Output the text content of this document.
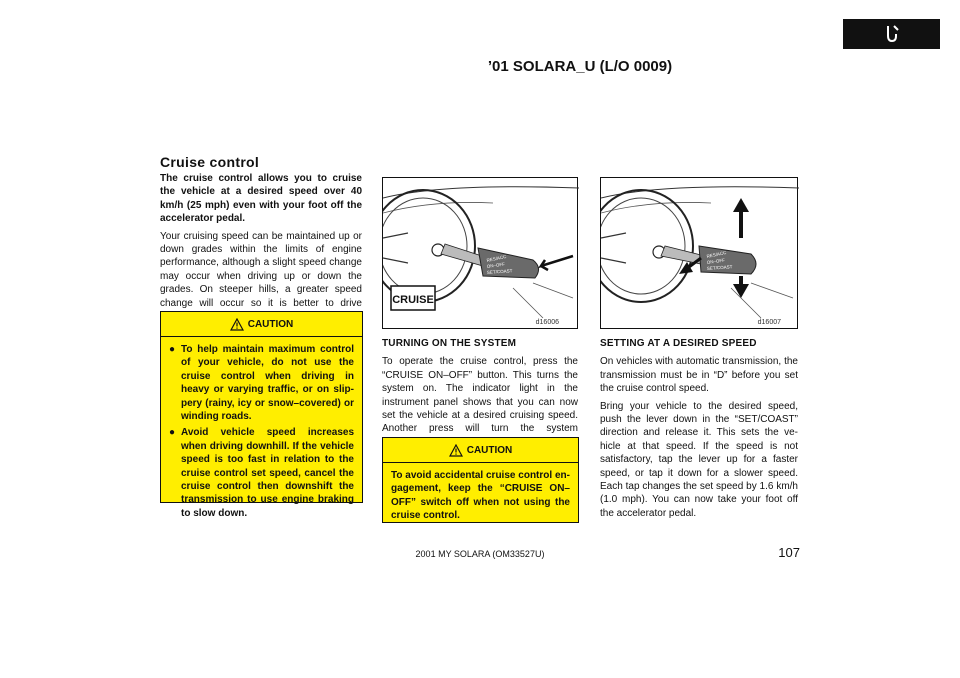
’01 SOLARA_U (L/O 0009)
Cruise control

The cruise control allows you to cruise the vehicle at a desired speed over 40 km/h (25 mph) even with your foot off the accelerator pedal.

Your cruising speed can be maintained up or down grades within the limits of engine performance, although a slight speed change may occur when driving up or down the grades. On steeper hills, a greater speed change will occur so it is better to drive

CAUTION
● To help maintain maximum control of your vehicle, do not use the cruise control when driving in heavy or varying traffic, or on slip- pery (rainy, icy or snow–covered) or winding roads.
● Avoid vehicle speed increases when driving downhill. If the vehicle speed is too fast in relation to the cruise control set speed, cancel the cruise control then downshift the transmission to use engine braking to slow down.
RES/ACC
ON–OFF
SET/COAST
CRUISE
d16006
RES/ACC
ON–OFF
SET/COAST
d16007

TURNING ON THE SYSTEM

To operate the cruise control, press the “CRUISE ON–OFF” button. This turns the system on. The indicator light in the instrument panel shows that you can now set the vehicle at a desired cruising speed. Another press will turn the system

CAUTION

To avoid accidental cruise control en- gagement, keep the “CRUISE ON–OFF” switch off when not using the cruise control.

SETTING AT A DESIRED SPEED

On vehicles with automatic transmission, the transmission must be in “D” before you set the cruise control speed.

Bring your vehicle to the desired speed, push the lever down in the “SET/COAST” direction and release it. This sets the ve- hicle at that speed. If the speed is not satisfactory, tap the lever up for a faster speed, or tap it down for a slower speed. Each tap changes the set speed by 1.6 km/h (1.0 mph). You can now take your foot off the accelerator pedal.

2001 MY SOLARA (OM33527U)	107
